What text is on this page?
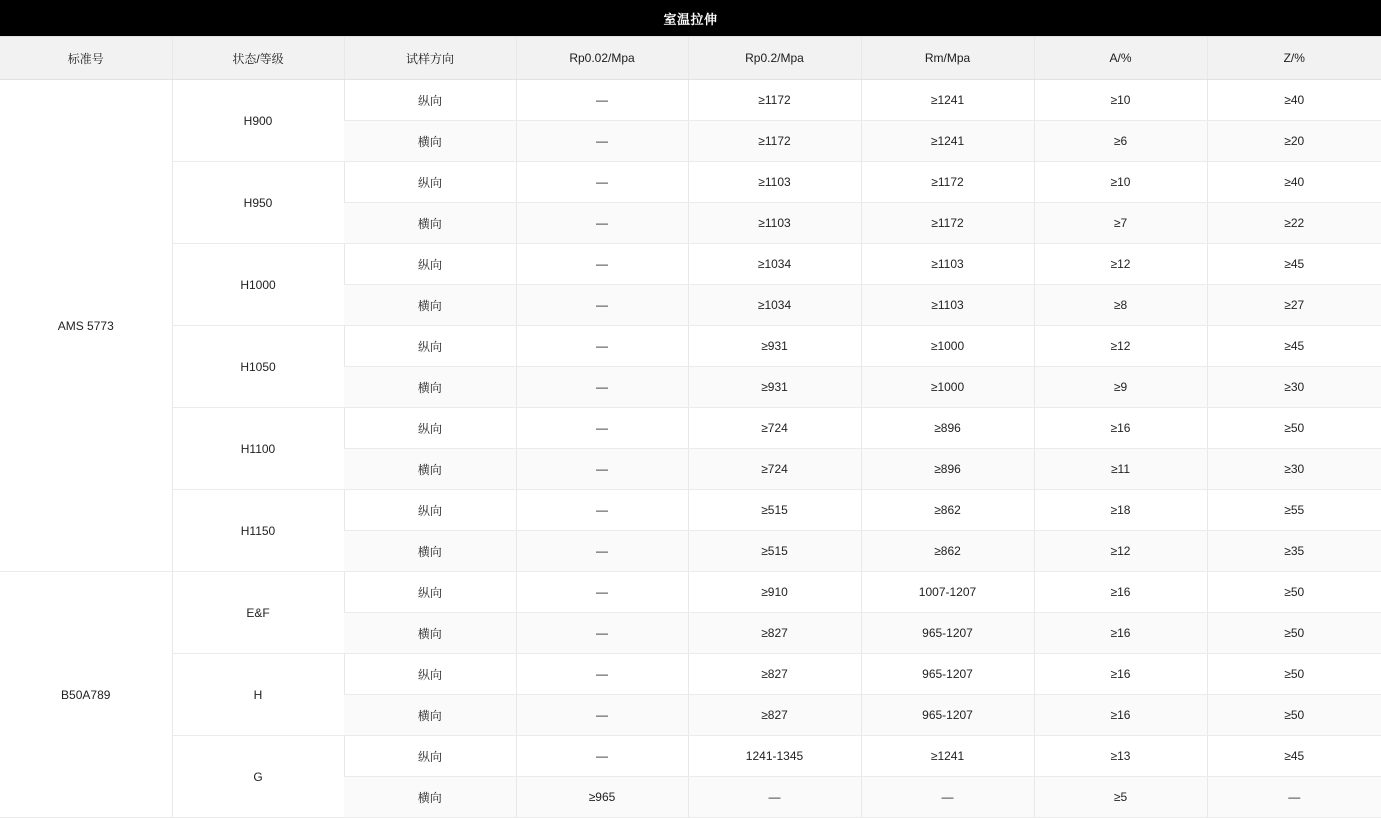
室温拉伸
标准号	状态/等级	试样方向	Rp0.02/Mpa	Rp0.2/Mpa	Rm/Mpa	A/%	Z/%
AMS 5773	H900	纵向	—	≥1172	≥1241	≥10	≥40
		横向	—	≥1172	≥1241	≥6	≥20
	H950	纵向	—	≥1103	≥1172	≥10	≥40
		横向	—	≥1103	≥1172	≥7	≥22
	H1000	纵向	—	≥1034	≥1103	≥12	≥45
		横向	—	≥1034	≥1103	≥8	≥27
	H1050	纵向	—	≥931	≥1000	≥12	≥45
		横向	—	≥931	≥1000	≥9	≥30
	H1100	纵向	—	≥724	≥896	≥16	≥50
		横向	—	≥724	≥896	≥11	≥30
	H1150	纵向	—	≥515	≥862	≥18	≥55
		横向	—	≥515	≥862	≥12	≥35
B50A789	E&F	纵向	—	≥910	1007-1207	≥16	≥50
		横向	—	≥827	965-1207	≥16	≥50
	H	纵向	—	≥827	965-1207	≥16	≥50
		横向	—	≥827	965-1207	≥16	≥50
	G	纵向	—	1241-1345	≥1241	≥13	≥45
		横向	≥965	—	—	≥5	—
